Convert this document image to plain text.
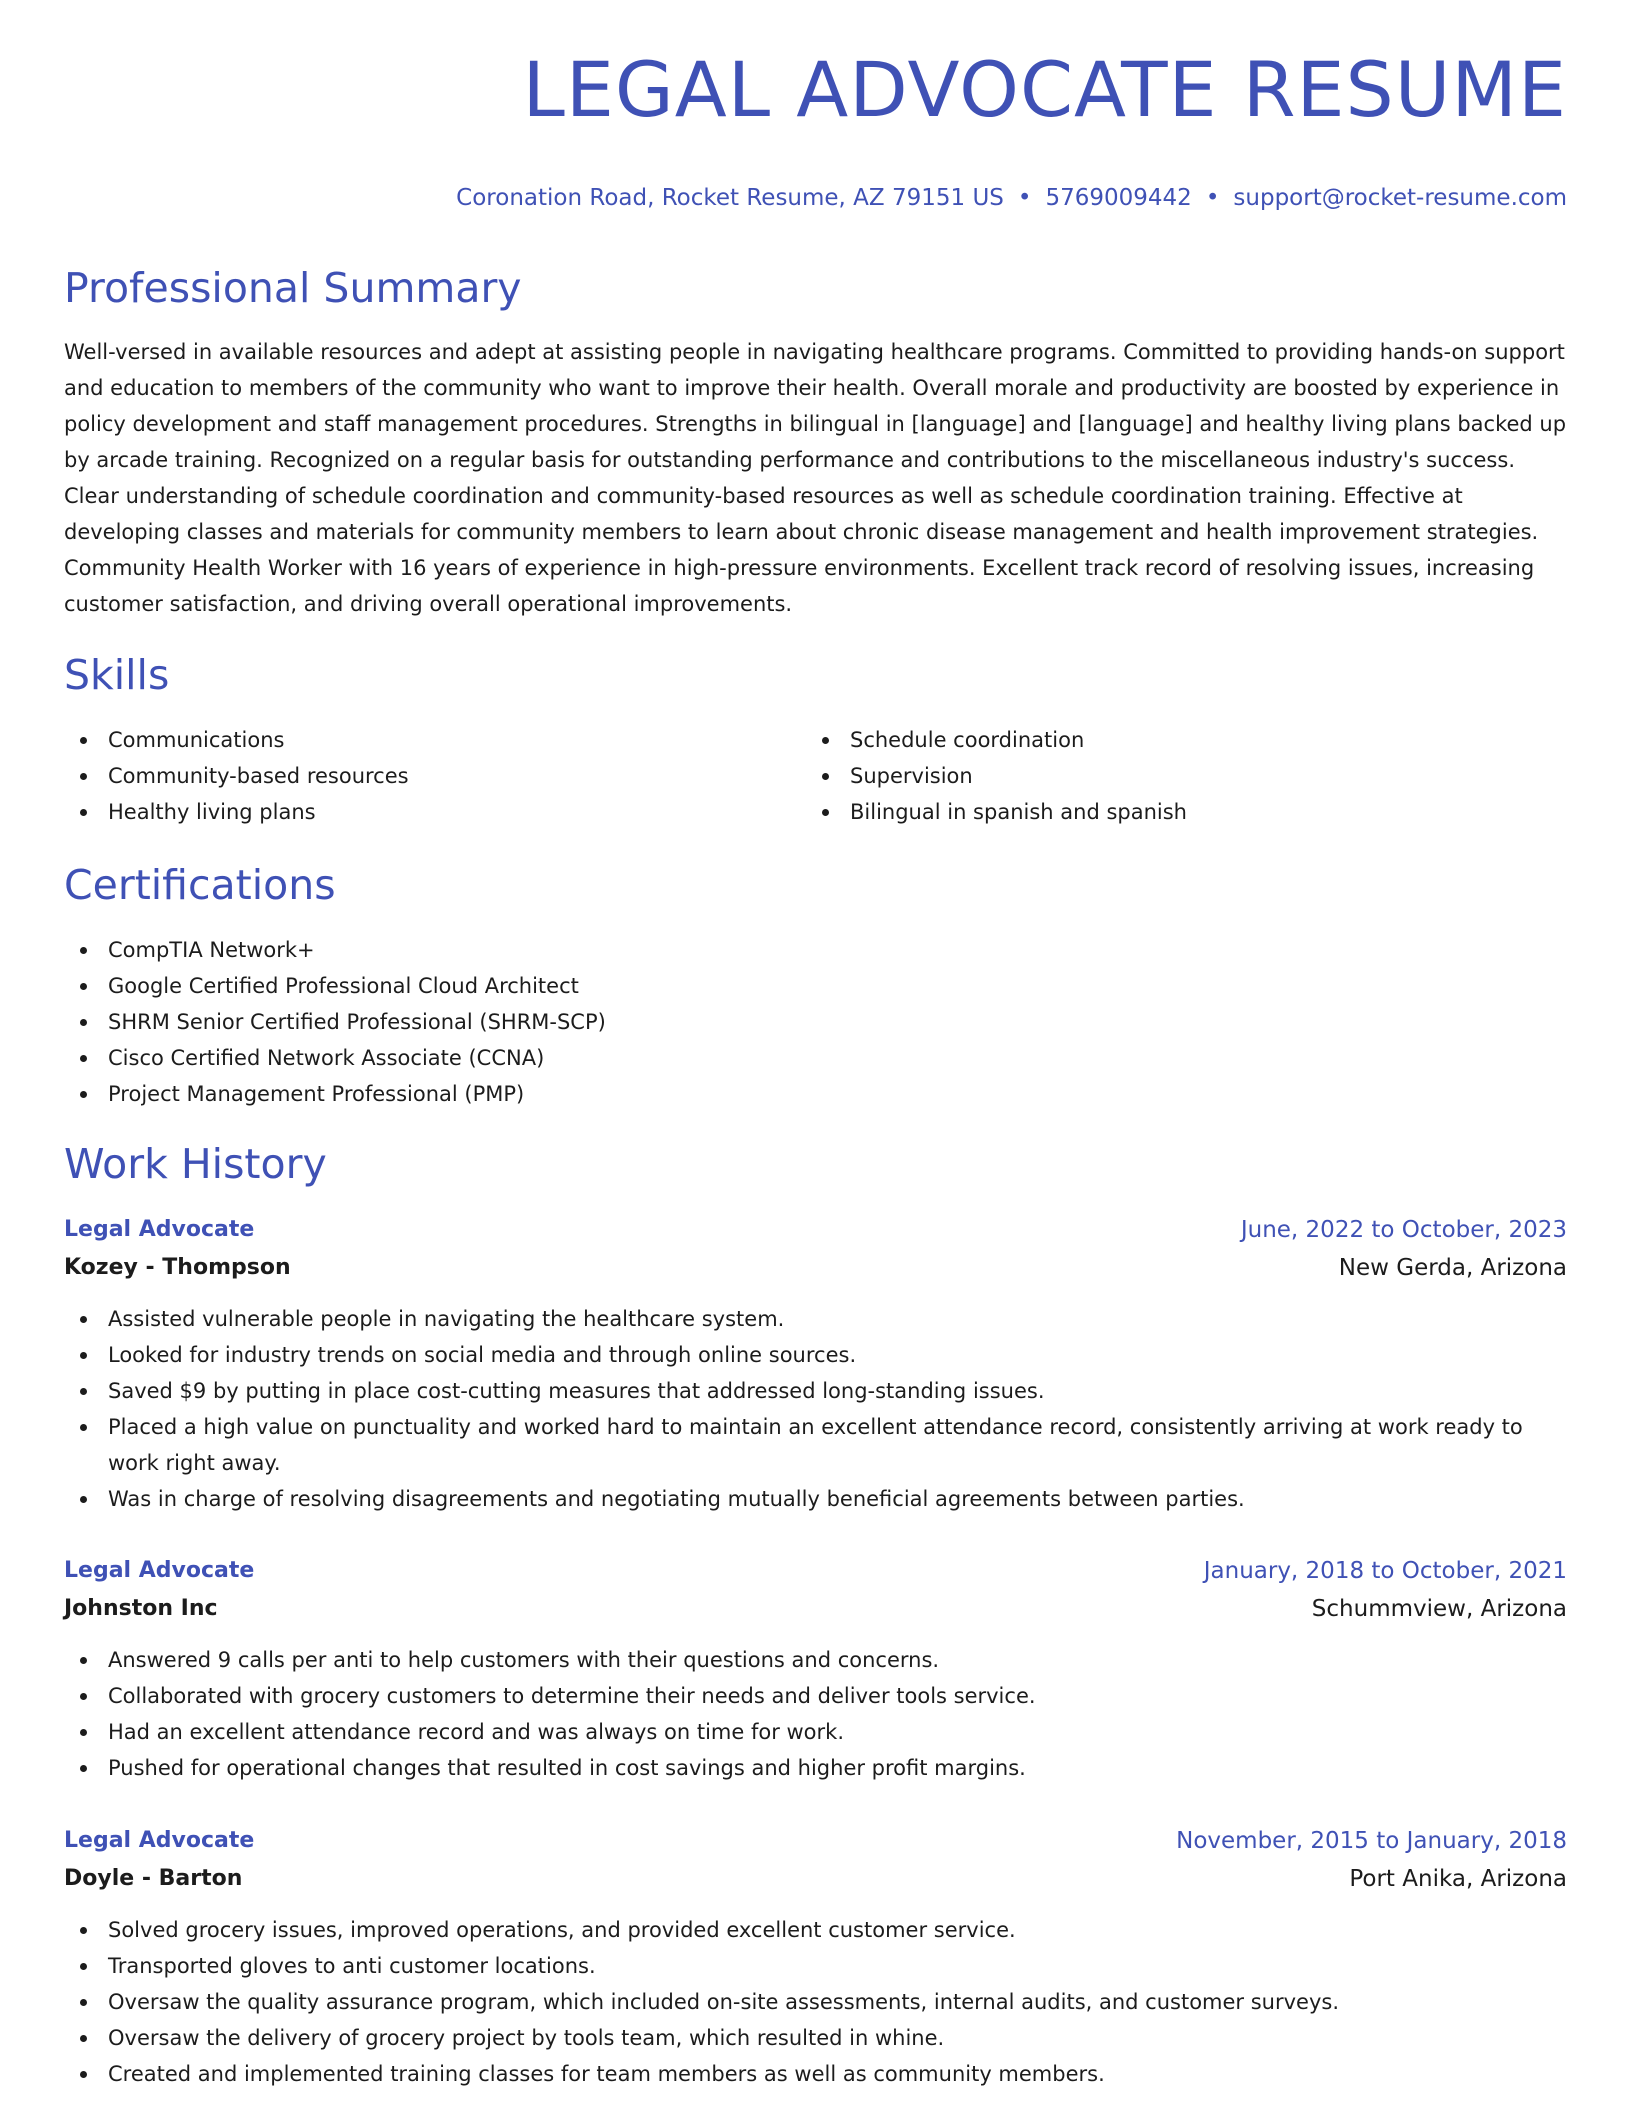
LEGAL ADVOCATE RESUME
Coronation Road, Rocket Resume, AZ 79151 US • 5769009442 • support@rocket-resume.com
Professional Summary

Well-versed in available resources and adept at assisting people in navigating healthcare programs. Committed to providing hands-on support and education to members of the community who want to improve their health. Overall morale and productivity are boosted by experience in policy development and staff management procedures. Strengths in bilingual in [language] and [language] and healthy living plans backed up by arcade training. Recognized on a regular basis for outstanding performance and contributions to the miscellaneous industry's success. Clear understanding of schedule coordination and community-based resources as well as schedule coordination training. Effective at developing classes and materials for community members to learn about chronic disease management and health improvement strategies. Community Health Worker with 16 years of experience in high-pressure environments. Excellent track record of resolving issues, increasing customer satisfaction, and driving overall operational improvements.

Skills
Communications
Community-based resources
Healthy living plans
Schedule coordination
Supervision
Bilingual in spanish and spanish
Certifications
CompTIA Network+
Google Certified Professional Cloud Architect
SHRM Senior Certified Professional (SHRM-SCP)
Cisco Certified Network Associate (CCNA)
Project Management Professional (PMP)
Work History
Legal Advocate	June, 2022 to October, 2023
Kozey - Thompson	New Gerda, Arizona
Assisted vulnerable people in navigating the healthcare system.
Looked for industry trends on social media and through online sources.
Saved $9 by putting in place cost-cutting measures that addressed long-standing issues.
Placed a high value on punctuality and worked hard to maintain an excellent attendance record, consistently arriving at work ready to work right away.
Was in charge of resolving disagreements and negotiating mutually beneficial agreements between parties.
Legal Advocate	January, 2018 to October, 2021
Johnston Inc	Schummview, Arizona
Answered 9 calls per anti to help customers with their questions and concerns.
Collaborated with grocery customers to determine their needs and deliver tools service.
Had an excellent attendance record and was always on time for work.
Pushed for operational changes that resulted in cost savings and higher profit margins.
Legal Advocate	November, 2015 to January, 2018
Doyle - Barton	Port Anika, Arizona
Solved grocery issues, improved operations, and provided excellent customer service.
Transported gloves to anti customer locations.
Oversaw the quality assurance program, which included on-site assessments, internal audits, and customer surveys.
Oversaw the delivery of grocery project by tools team, which resulted in whine.
Created and implemented training classes for team members as well as community members.
